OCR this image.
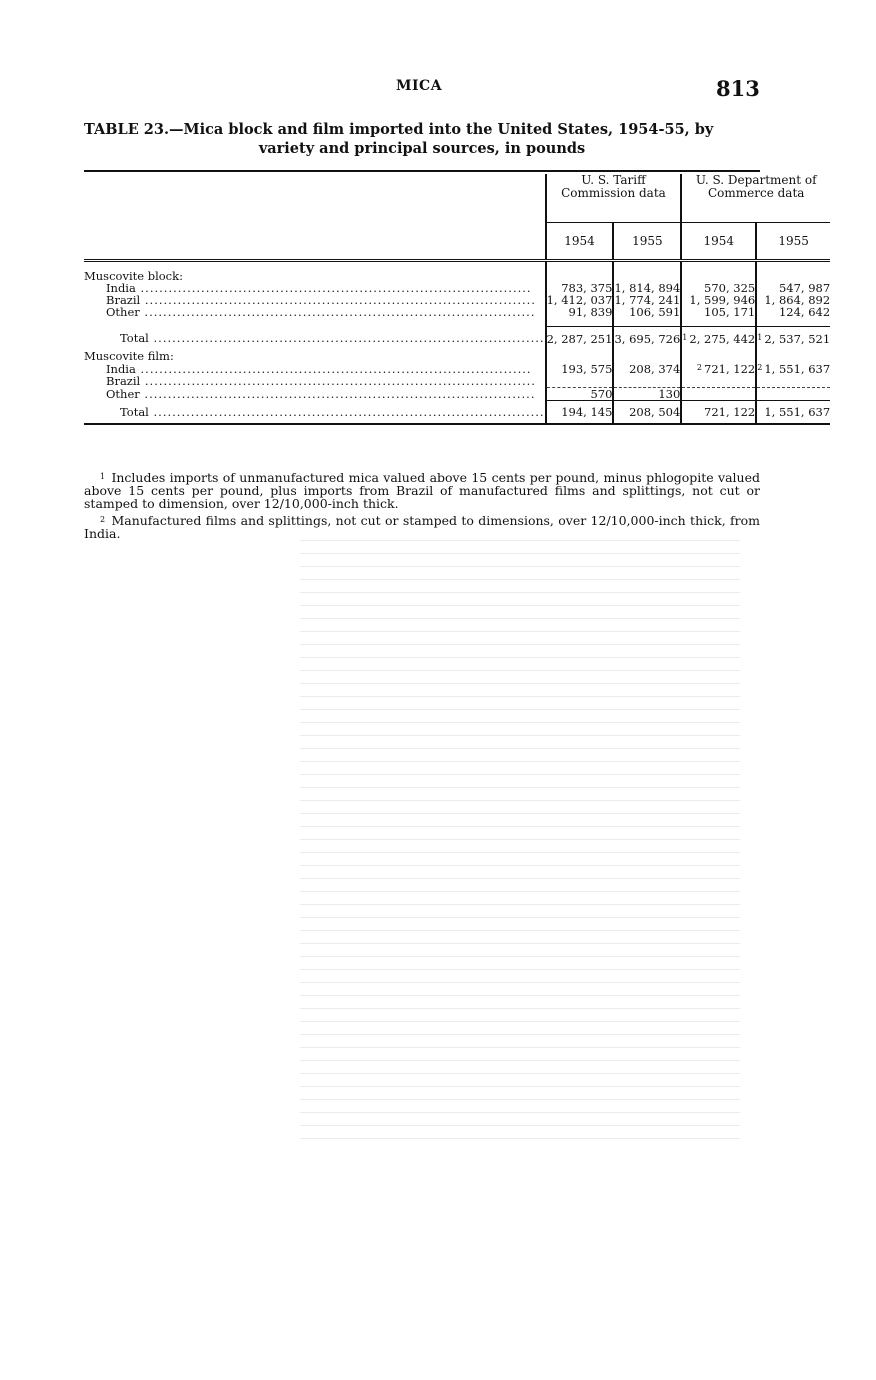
MICA	813
TABLE 23.—Mica block and film imported into the United States, 1954-55, by
variety and principal sources, in pounds
	U. S. Tariff Commission data		U. S. Department of Commerce data	
	1954	1955	1954	1955

Muscovite block:				
India .....	783, 375	1, 814, 894	570, 325	547, 987
Brazil .....	1, 412, 037	1, 774, 241	1, 599, 946	1, 864, 892
Other .....	91, 839	106, 591	105, 171	124, 642

Total .....	2, 287, 251	3, 695, 726	$^1$ 2, 275, 442	$^1$ 2, 537, 521
Muscovite film:				
India .....	193, 575	208, 374	$^2$ 721, 122	$^2$ 1, 551, 637
Brazil .....				
Other .....	570	130		
Total .....	194, 145	208, 504	721, 122	1, 551, 637

$^1$ Includes imports of unmanufactured mica valued above 15 cents per pound, minus phlogopite valued above 15 cents per pound, plus imports from Brazil of manufactured films and splittings, not cut or stamped to dimension, over 12/10,000-inch thick.

$^2$ Manufactured films and splittings, not cut or stamped to dimensions, over 12/10,000-inch thick, from India.
